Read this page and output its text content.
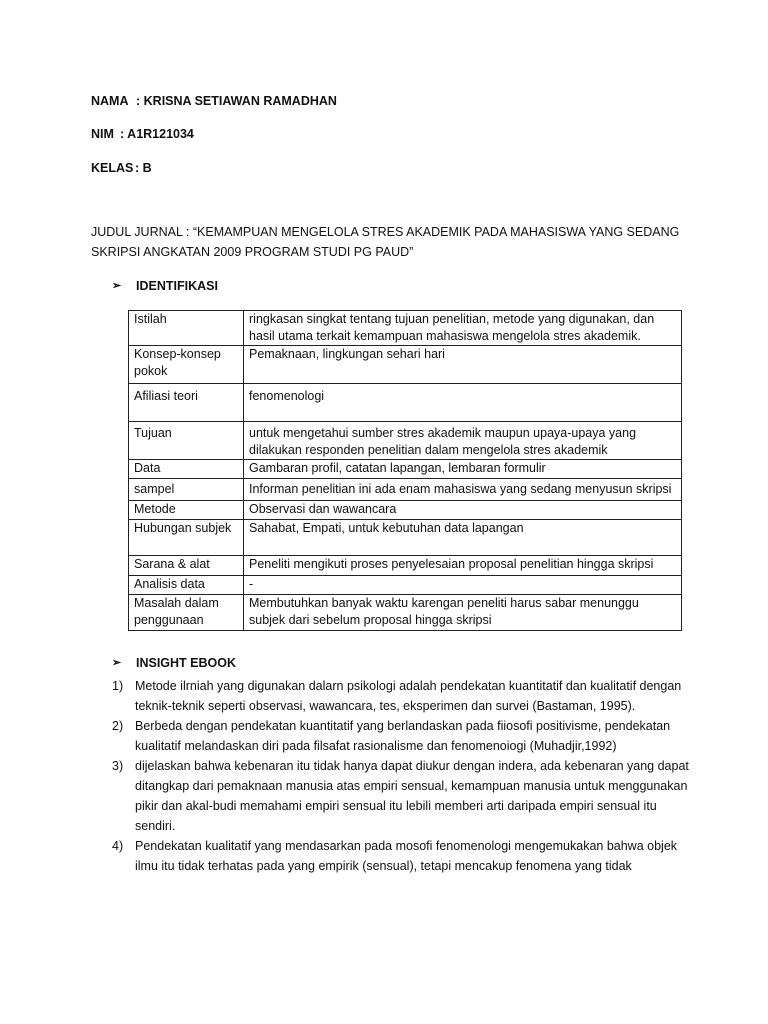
NAMA : KRISNA SETIAWAN RAMADHAN
NIM : A1R121034
KELAS : B
JUDUL JURNAL : “KEMAMPUAN MENGELOLA STRES AKADEMIK PADA MAHASISWA YANG SEDANG
SKRIPSI ANGKATAN 2009 PROGRAM STUDI PG PAUD”
➢ IDENTIFIKASI
Istilah	ringkasan singkat tentang tujuan penelitian, metode yang digunakan, dan hasil utama terkait kemampuan mahasiswa mengelola stres akademik.
Konsep-konsep pokok	Pemaknaan, lingkungan sehari hari
Afiliasi teori	fenomenologi
Tujuan	untuk mengetahui sumber stres akademik maupun upaya-upaya yang dilakukan responden penelitian dalam mengelola stres akademik
Data	Gambaran profil, catatan lapangan, lembaran formulir
sampel	Informan penelitian ini ada enam mahasiswa yang sedang menyusun skripsi
Metode	Observasi dan wawancara
Hubungan subjek	Sahabat, Empati, untuk kebutuhan data lapangan
Sarana & alat	Peneliti mengikuti proses penyelesaian proposal penelitian hingga skripsi
Analisis data	-
Masalah dalam penggunaan	Membutuhkan banyak waktu karengan peneliti harus sabar menunggu subjek dari sebelum proposal hingga skripsi
➢ INSIGHT EBOOK
1) Metode ilrniah yang digunakan dalarn psikologi adalah pendekatan kuantitatif dan kualitatif dengan teknik-teknik seperti observasi, wawancara, tes, eksperimen dan survei (Bastaman, 1995).
2) Berbeda dengan pendekatan kuantitatif yang berlandaskan pada fiiosofi positivisme, pendekatan kualitatif melandaskan diri pada filsafat rasionalisme dan fenomenoiogi (Muhadjir,1992)
3) dijelaskan bahwa kebenaran itu tidak hanya dapat diukur dengan indera, ada kebenaran yang dapat ditangkap dari pemaknaan manusia atas empiri sensual, kemampuan manusia untuk menggunakan pikir dan akal-budi memahami empiri sensual itu lebili memberi arti daripada empiri sensual itu sendiri.
4) Pendekatan kualitatif yang mendasarkan pada mosofi fenomenologi mengemukakan bahwa objek ilmu itu tidak terhatas pada yang empirik (sensual), tetapi mencakup fenomena yang tidak
